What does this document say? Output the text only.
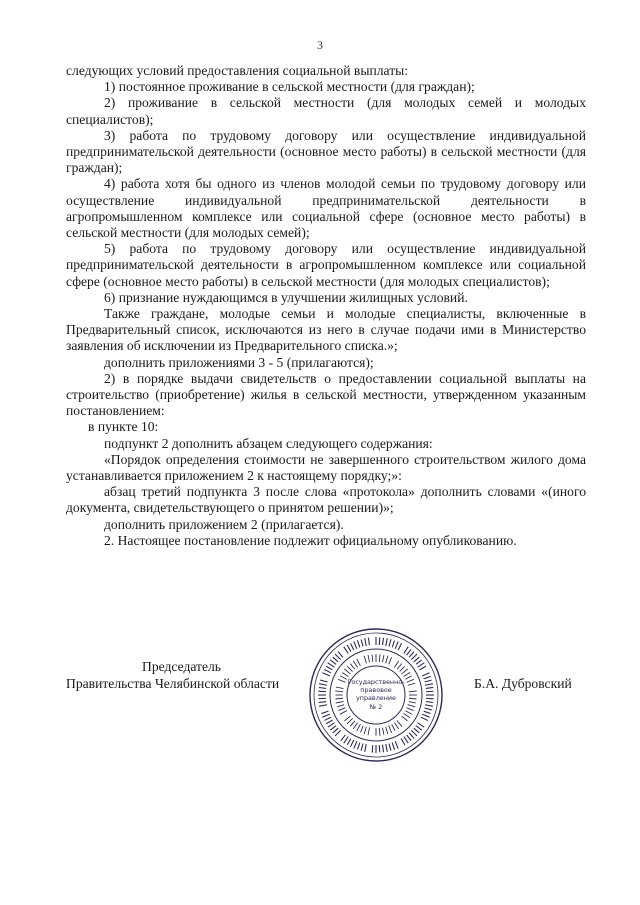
3

следующих условий предоставления социальной выплаты:

1) постоянное проживание в сельской местности (для граждан);

2) проживание в сельской местности (для молодых семей и молодых специалистов);

3) работа по трудовому договору или осуществление индивидуальной предпринимательской деятельности (основное место работы) в сельской местности (для граждан);

4) работа хотя бы одного из членов молодой семьи по трудовому договору или осуществление индивидуальной предпринимательской деятельности в агропромышленном комплексе или социальной сфере (основное место работы) в сельской местности (для молодых семей);

5) работа по трудовому договору или осуществление индивидуальной предпринимательской деятельности в агропромышленном комплексе или социальной сфере (основное место работы) в сельской местности (для молодых специалистов);

6) признание нуждающимся в улучшении жилищных условий.

Также граждане, молодые семьи и молодые специалисты, включенные в Предварительный список, исключаются из него в случае подачи ими в Министерство заявления об исключении из Предварительного списка.»;

дополнить приложениями 3 - 5 (прилагаются);

2) в порядке выдачи свидетельств о предоставлении социальной выплаты на строительство (приобретение) жилья в сельской местности, утвержденном указанным постановлением:

в пункте 10:

подпункт 2 дополнить абзацем следующего содержания:

«Порядок определения стоимости не завершенного строительством жилого дома устанавливается приложением 2 к настоящему порядку;»:

абзац третий подпункта 3 после слова «протокола» дополнить словами «(иного документа, свидетельствующего о принятом решении)»;

дополнить приложением 2 (прилагается).

2. Настоящее постановление подлежит официальному опубликованию.

Председатель
Правительства Челябинской области	Б.А. Дубровский
Государственно-
правовое
управление
№ 2
